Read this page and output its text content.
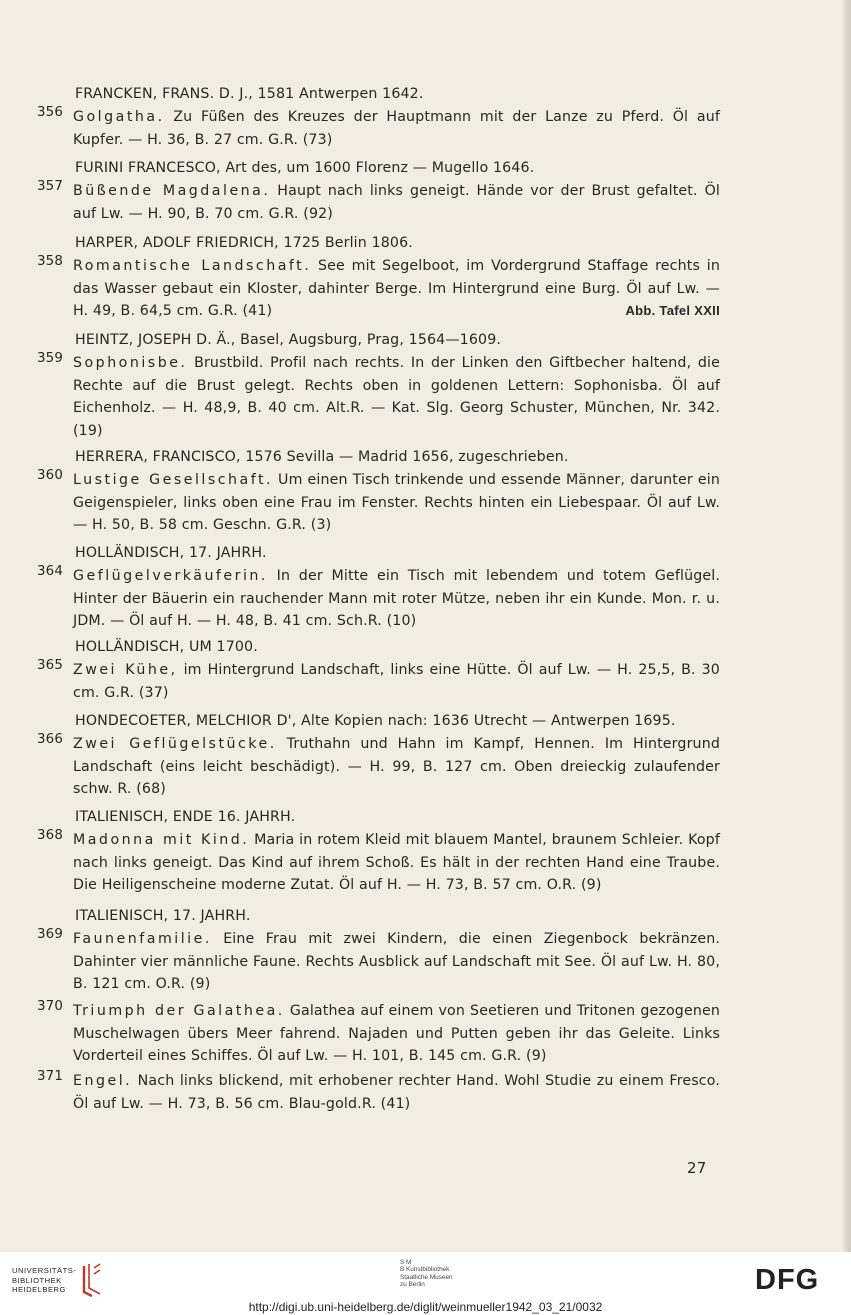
FRANCKEN, FRANS. D. J., 1581 Antwerpen 1642.
356 Golgatha. Zu Füßen des Kreuzes der Hauptmann mit der Lanze zu Pferd. Öl auf Kupfer. — H. 36, B. 27 cm. G.R. (73)
FURINI FRANCESCO, Art des, um 1600 Florenz — Mugello 1646.
357 Büßende Magdalena. Haupt nach links geneigt. Hände vor der Brust gefaltet. Öl auf Lw. — H. 90, B. 70 cm. G.R. (92)
HARPER, ADOLF FRIEDRICH, 1725 Berlin 1806.
358 Romantische Landschaft. See mit Segelboot, im Vordergrund Staffage rechts in das Wasser gebaut ein Kloster, dahinter Berge. Im Hintergrund eine Burg. Öl auf Lw. — H. 49, B. 64,5 cm. G.R. (41)	Abb. Tafel XXII
HEINTZ, JOSEPH D. Ä., Basel, Augsburg, Prag, 1564—1609.
359 Sophonisbe. Brustbild. Profil nach rechts. In der Linken den Giftbecher haltend, die Rechte auf die Brust gelegt. Rechts oben in goldenen Lettern: Sophonisba. Öl auf Eichenholz. — H. 48,9, B. 40 cm. Alt.R. — Kat. Slg. Georg Schuster, München, Nr. 342. (19)
HERRERA, FRANCISCO, 1576 Sevilla — Madrid 1656, zugeschrieben.
360 Lustige Gesellschaft. Um einen Tisch trinkende und essende Männer, darunter ein Geigenspieler, links oben eine Frau im Fenster. Rechts hinten ein Liebespaar. Öl auf Lw. — H. 50, B. 58 cm. Geschn. G.R. (3)
HOLLÄNDISCH, 17. JAHRH.
364 Geflügelverkäuferin. In der Mitte ein Tisch mit lebendem und totem Geflügel. Hinter der Bäuerin ein rauchender Mann mit roter Mütze, neben ihr ein Kunde. Mon. r. u. JDM. — Öl auf H. — H. 48, B. 41 cm. Sch.R. (10)
HOLLÄNDISCH, UM 1700.
365 Zwei Kühe, im Hintergrund Landschaft, links eine Hütte. Öl auf Lw. — H. 25,5, B. 30 cm. G.R. (37)
HONDECOETER, MELCHIOR D', Alte Kopien nach: 1636 Utrecht — Antwerpen 1695.
366 Zwei Geflügelstücke. Truthahn und Hahn im Kampf, Hennen. Im Hintergrund Landschaft (eins leicht beschädigt). — H. 99, B. 127 cm. Oben dreieckig zulaufender schw. R. (68)
ITALIENISCH, ENDE 16. JAHRH.
368 Madonna mit Kind. Maria in rotem Kleid mit blauem Mantel, braunem Schleier. Kopf nach links geneigt. Das Kind auf ihrem Schoß. Es hält in der rechten Hand eine Traube. Die Heiligenscheine moderne Zutat. Öl auf H. — H. 73, B. 57 cm. O.R. (9)
ITALIENISCH, 17. JAHRH.
369 Faunenfamilie. Eine Frau mit zwei Kindern, die einen Ziegenbock bekränzen. Dahinter vier männliche Faune. Rechts Ausblick auf Landschaft mit See. Öl auf Lw. H. 80, B. 121 cm. O.R. (9)
370 Triumph der Galathea. Galathea auf einem von Seetieren und Tritonen gezogenen Muschelwagen übers Meer fahrend. Najaden und Putten geben ihr das Geleite. Links Vorderteil eines Schiffes. Öl auf Lw. — H. 101, B. 145 cm. G.R. (9)
371 Engel. Nach links blickend, mit erhobener rechter Hand. Wohl Studie zu einem Fresco. Öl auf Lw. — H. 73, B. 56 cm. Blau-gold.R. (41)
27
UNIVERSITÄTS-
BIBLIOTHEK
HEIDELBERG
S M
B Kunstbibliothek
Staatliche Museen
zu Berlin	DFG
http://digi.ub.uni-heidelberg.de/diglit/weinmueller1942_03_21/0032
